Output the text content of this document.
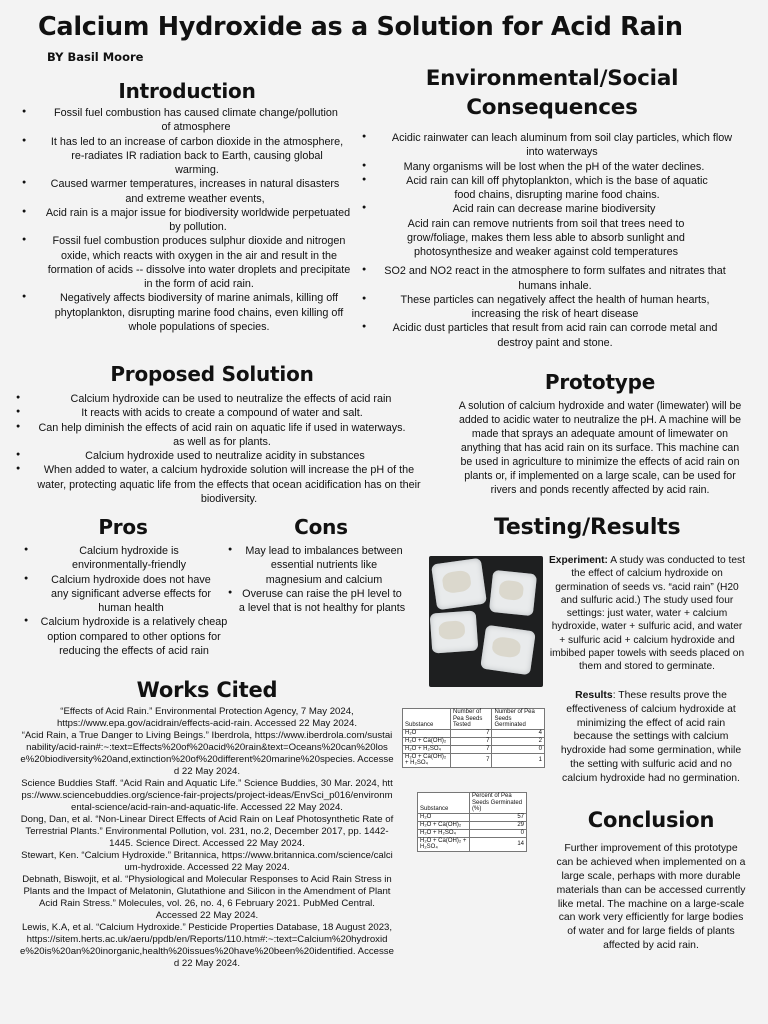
Calcium Hydroxide as a Solution for Acid Rain
BY Basil Moore
Introduction
● Fossil fuel combustion has caused climate change/pollution of atmosphere
● It has led to an increase of carbon dioxide in the atmosphere, re-radiates IR radiation back to Earth, causing global warming.
● Caused warmer temperatures, increases in natural disasters and extreme weather events,
● Acid rain is a major issue for biodiversity worldwide perpetuated by pollution.
● Fossil fuel combustion produces sulphur dioxide and nitrogen oxide, which reacts with oxygen in the air and result in the formation of acids -- dissolve into water droplets and precipitate in the form of acid rain.
● Negatively affects biodiversity of marine animals, killing off phytoplankton, disrupting marine food chains, even killing off whole populations of species.
Environmental/Social
Consequences
● Acidic rainwater can leach aluminum from soil clay particles, which flow into waterways
● Many organisms will be lost when the pH of the water declines.
● Acid rain can kill off phytoplankton, which is the base of aquatic food chains, disrupting marine food chains.
● Acid rain can decrease marine biodiversity
Acid rain can remove nutrients from soil that trees need to grow/foliage, makes them less able to absorb sunlight and photosynthesize and weaker against cold temperatures
● SO2 and NO2 react in the atmosphere to form sulfates and nitrates that humans inhale.
● These particles can negatively affect the health of human hearts, increasing the risk of heart disease
● Acidic dust particles that result from acid rain can corrode metal and destroy paint and stone.
Proposed Solution
● Calcium hydroxide can be used to neutralize the effects of acid rain
● It reacts with acids to create a compound of water and salt.
● Can help diminish the effects of acid rain on aquatic life if used in waterways. as well as for plants.
● Calcium hydroxide used to neutralize acidity in substances
● When added to water, a calcium hydroxide solution will increase the pH of the water, protecting aquatic life from the effects that ocean acidification has on their biodiversity.
Prototype

A solution of calcium hydroxide and water (limewater) will be added to acidic water to neutralize the pH. A machine will be made that sprays an adequate amount of limewater on anything that has acid rain on its surface. This machine can be used in agriculture to minimize the effects of acid rain on plants or, if implemented on a large scale, can be used for rivers and ponds recently affected by acid rain.

Pros
● Calcium hydroxide is environmentally-friendly
● Calcium hydroxide does not have any significant adverse effects for human health
● Calcium hydroxide is a relatively cheap option compared to other options for reducing the effects of acid rain
Cons
● May lead to imbalances between essential nutrients like magnesium and calcium
● Overuse can raise the pH level to a level that is not healthy for plants
Testing/Results

Experiment: A study was conducted to test the effect of calcium hydroxide on germination of seeds vs. “acid rain” (H20 and sulfuric acid.) The study used four settings: just water, water + calcium hydroxide, water + sulfuric acid, and water + sulfuric acid + calcium hydroxide and imbibed paper towels with seeds placed on them and stored to germinate.

Substance	Number of Pea Seeds Tested	Number of Pea Seeds Germinated
H₂O	7	4
H₂O + Ca(OH)₂	7	2
H₂O + H₂SO₄	7	0
H₂O + Ca(OH)₂ + H₂SO₄	7	1
Substance	Percent of Pea Seeds Germinated (%)
H₂O	57
H₂O + Ca(OH)₂	29
H₂O + H₂SO₄	0
H₂O + Ca(OH)₂ + H₂SO₄	14

Results: These results prove the effectiveness of calcium hydroxide at minimizing the effect of acid rain because the settings with calcium hydroxide had some germination, while the setting with sulfuric acid and no calcium hydroxide had no germination.

Conclusion

Further improvement of this prototype can be achieved when implemented on a large scale, perhaps with more durable materials than can be accessed currently like metal. The machine on a large-scale can work very efficiently for large bodies of water and for large fields of plants affected by acid rain.

Works Cited
“Effects of Acid Rain.” Environmental Protection Agency, 7 May 2024, https://www.epa.gov/acidrain/effects-acid-rain. Accessed 22 May 2024.
“Acid Rain, a True Danger to Living Beings.” Iberdrola, https://www.iberdrola.com/sustainability/acid-rain#:~:text=Effects%20of%20acid%20rain&text=Oceans%20can%20lose%20biodiversity%20and,extinction%20of%20different%20marine%20species. Accessed 22 May 2024.
Science Buddies Staff. “Acid Rain and Aquatic Life.” Science Buddies, 30 Mar. 2024, https://www.sciencebuddies.org/science-fair-projects/project-ideas/EnvSci_p016/environmental-science/acid-rain-and-aquatic-life. Accessed 22 May 2024.
Dong, Dan, et al. “Non-Linear Direct Effects of Acid Rain on Leaf Photosynthetic Rate of Terrestrial Plants.” Environmental Pollution, vol. 231, no.2, December 2017, pp. 1442-1445. Science Direct. Accessed 22 May 2024.
Stewart, Ken. “Calcium Hydroxide.” Britannica, https://www.britannica.com/science/calcium-hydroxide. Accessed 22 May 2024.
Debnath, Biswojit, et al. “Physiological and Molecular Responses to Acid Rain Stress in Plants and the Impact of Melatonin, Glutathione and Silicon in the Amendment of Plant Acid Rain Stress.” Molecules, vol. 26, no. 4, 6 February 2021. PubMed Central. Accessed 22 May 2024.
Lewis, K.A, et al. “Calcium Hydroxide.” Pesticide Properties Database, 18 August 2023, https://sitem.herts.ac.uk/aeru/ppdb/en/Reports/110.htm#:~:text=Calcium%20hydroxide%20is%20an%20inorganic,health%20issues%20have%20been%20identified. Accessed 22 May 2024.
